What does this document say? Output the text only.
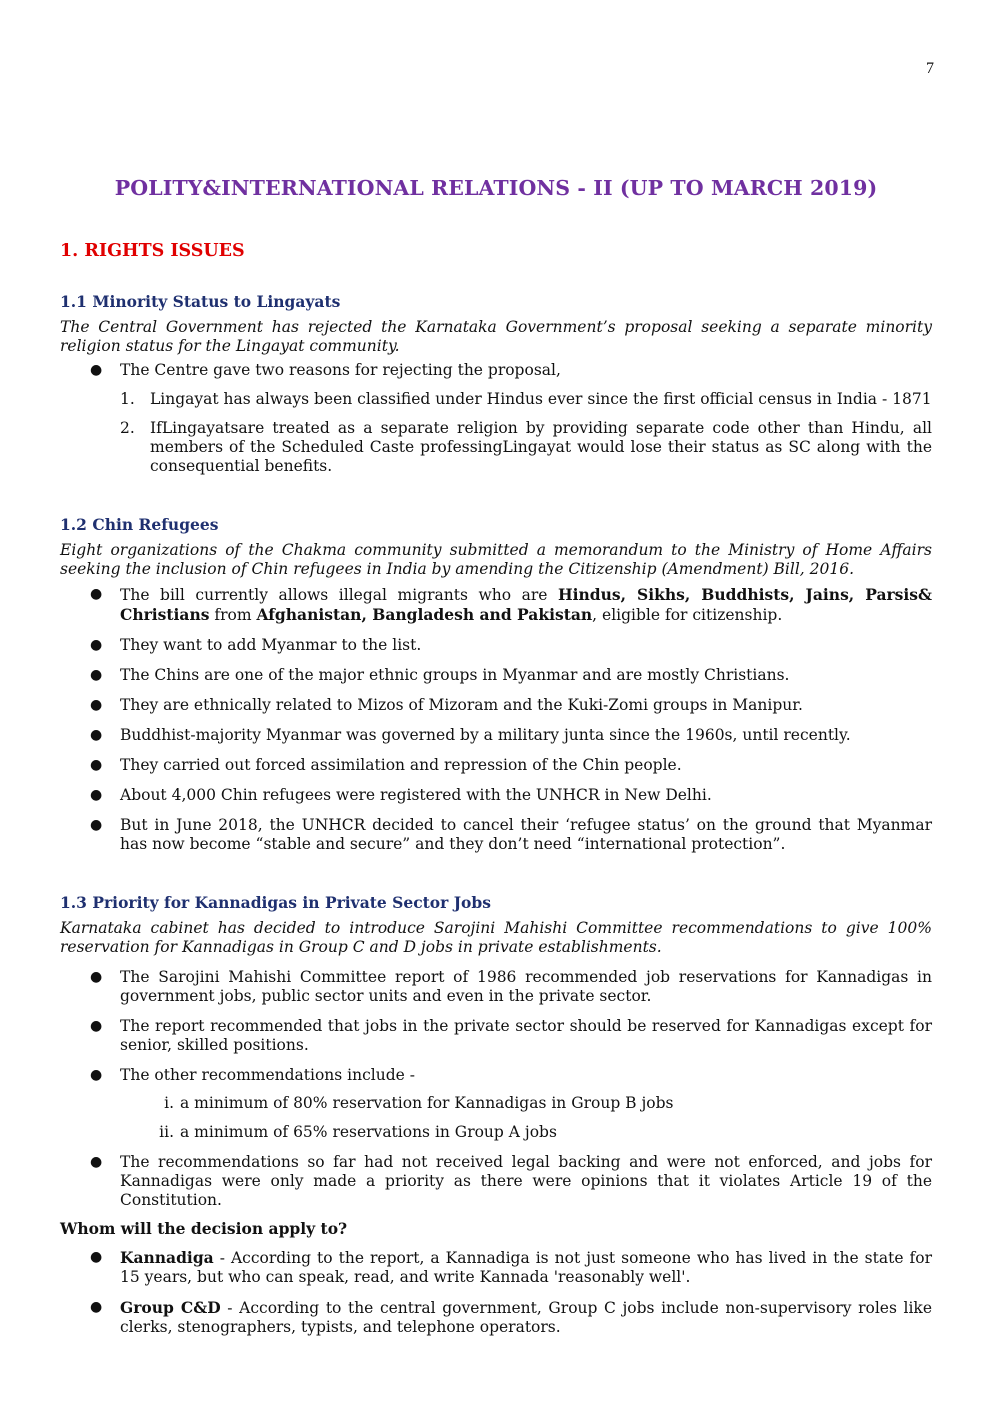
7
POLITY&INTERNATIONAL RELATIONS - II (UP TO MARCH 2019)
1. RIGHTS ISSUES
1.1 Minority Status to Lingayats

The Central Government has rejected the Karnataka Government’s proposal seeking a separate minority religion status for the Lingayat community.

● The Centre gave two reasons for rejecting the proposal,
1. Lingayat has always been classified under Hindus ever since the first official census in India - 1871
2. IfLingayatsare treated as a separate religion by providing separate code other than Hindu, all members of the Scheduled Caste professingLingayat would lose their status as SC along with the consequential benefits.
1.2 Chin Refugees

Eight organizations of the Chakma community submitted a memorandum to the Ministry of Home Affairs seeking the inclusion of Chin refugees in India by amending the Citizenship (Amendment) Bill, 2016.

● The bill currently allows illegal migrants who are Hindus, Sikhs, Buddhists, Jains, Parsis& Christians from Afghanistan, Bangladesh and Pakistan, eligible for citizenship.
● They want to add Myanmar to the list.
● The Chins are one of the major ethnic groups in Myanmar and are mostly Christians.
● They are ethnically related to Mizos of Mizoram and the Kuki-Zomi groups in Manipur.
● Buddhist-majority Myanmar was governed by a military junta since the 1960s, until recently.
● They carried out forced assimilation and repression of the Chin people.
● About 4,000 Chin refugees were registered with the UNHCR in New Delhi.
● But in June 2018, the UNHCR decided to cancel their ‘refugee status’ on the ground that Myanmar has now become “stable and secure” and they don’t need “international protection”.
1.3 Priority for Kannadigas in Private Sector Jobs

Karnataka cabinet has decided to introduce Sarojini Mahishi Committee recommendations to give 100% reservation for Kannadigas in Group C and D jobs in private establishments.

● The Sarojini Mahishi Committee report of 1986 recommended job reservations for Kannadigas in government jobs, public sector units and even in the private sector.
● The report recommended that jobs in the private sector should be reserved for Kannadigas except for senior, skilled positions.
● The other recommendations include -
i. a minimum of 80% reservation for Kannadigas in Group B jobs
ii. a minimum of 65% reservations in Group A jobs
● The recommendations so far had not received legal backing and were not enforced, and jobs for Kannadigas were only made a priority as there were opinions that it violates Article 19 of the Constitution.

Whom will the decision apply to?

● Kannadiga - According to the report, a Kannadiga is not just someone who has lived in the state for 15 years, but who can speak, read, and write Kannada 'reasonably well'.
● Group C&D - According to the central government, Group C jobs include non-supervisory roles like clerks, stenographers, typists, and telephone operators.
